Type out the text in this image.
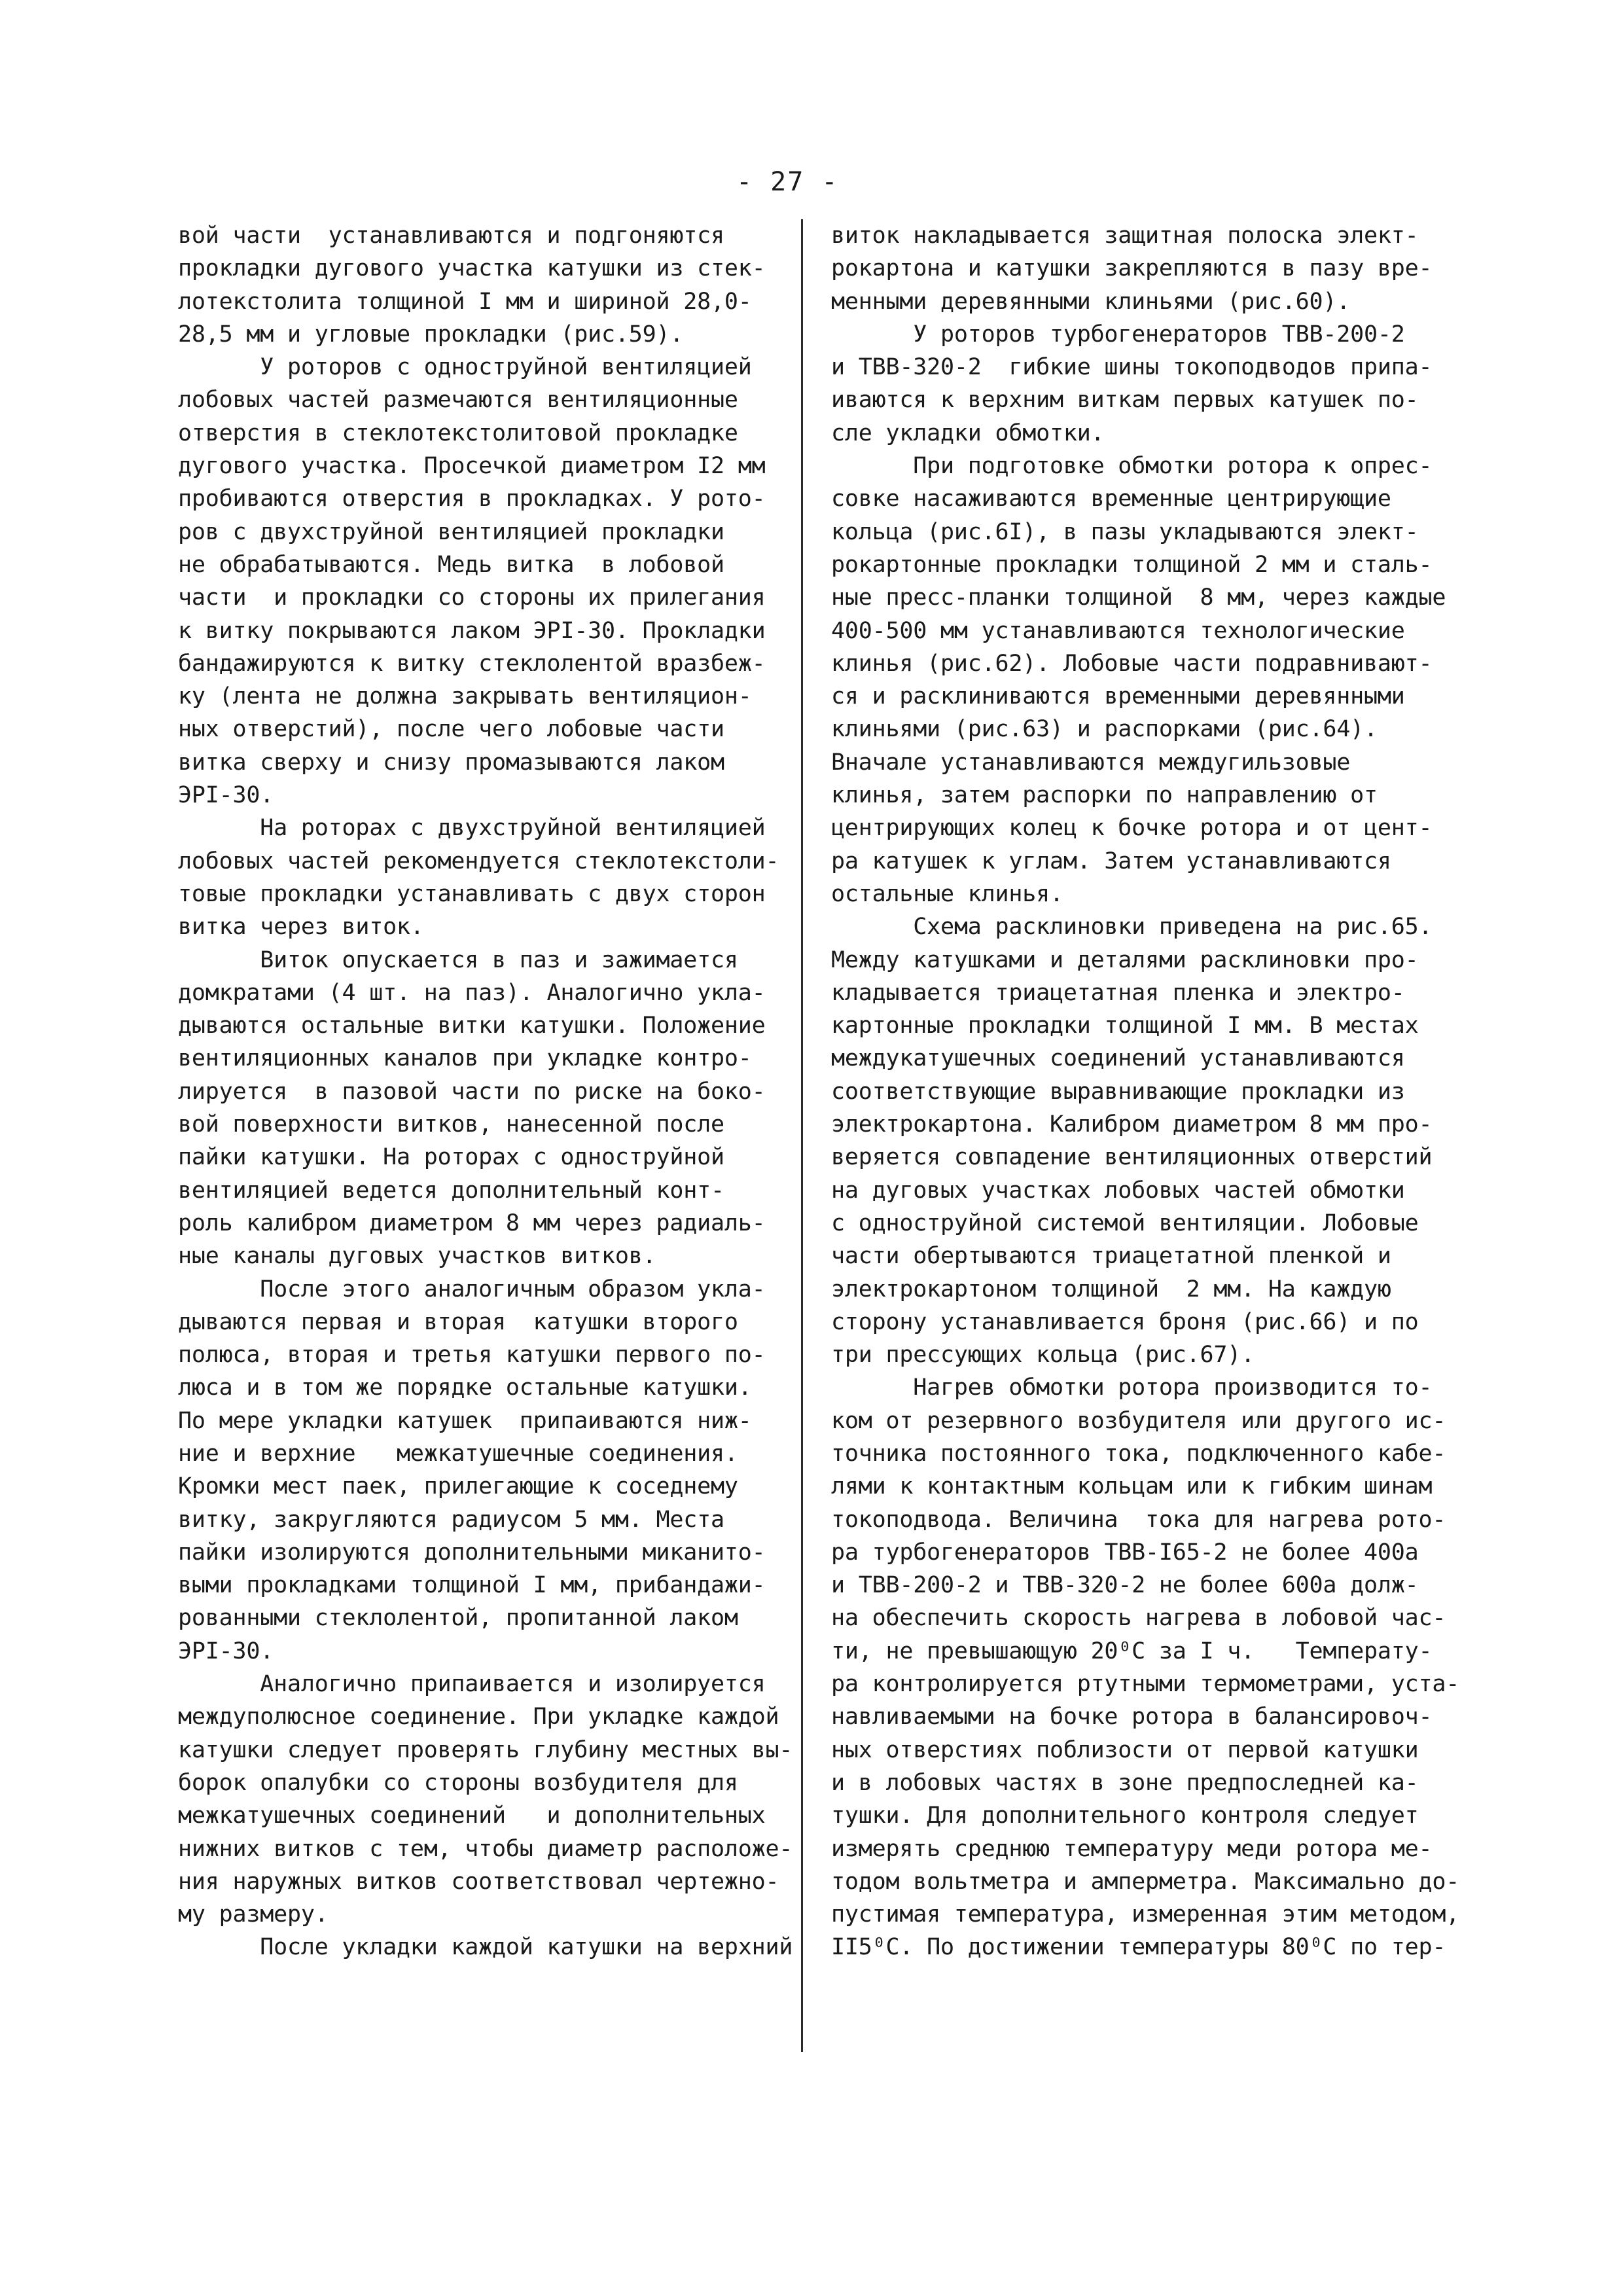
- 27 -
вой части  устанавливаются и подгоняются
прокладки дугового участка катушки из стек-
лотекстолита толщиной I мм и шириной 28,0-
28,5 мм и угловые прокладки (рис.59).
У роторов с одноструйной вентиляцией
лобовых частей размечаются вентиляционные
отверстия в стеклотекстолитовой прокладке
дугового участка. Просечкой диаметром I2 мм
пробиваются отверстия в прокладках. У рото-
ров с двухструйной вентиляцией прокладки
не обрабатываются. Медь витка  в лобовой
части  и прокладки со стороны их прилегания
к витку покрываются лаком ЭРI-30. Прокладки
бандажируются к витку стеклолентой вразбеж-
ку (лента не должна закрывать вентиляцион-
ных отверстий), после чего лобовые части
витка сверху и снизу промазываются лаком
ЭРI-30.
На роторах с двухструйной вентиляцией
лобовых частей рекомендуется стеклотекстоли-
товые прокладки устанавливать с двух сторон
витка через виток.
Виток опускается в паз и зажимается
домкратами (4 шт. на паз). Аналогично укла-
дываются остальные витки катушки. Положение
вентиляционных каналов при укладке контро-
лируется  в пазовой части по риске на боко-
вой поверхности витков, нанесенной после
пайки катушки. На роторах с одноструйной
вентиляцией ведется дополнительный конт-
роль калибром диаметром 8 мм через радиаль-
ные каналы дуговых участков витков.
После этого аналогичным образом укла-
дываются первая и вторая  катушки второго
полюса, вторая и третья катушки первого по-
люса и в том же порядке остальные катушки.
По мере укладки катушек  припаиваются ниж-
ние и верхние   межкатушечные соединения.
Кромки мест паек, прилегающие к соседнему
витку, закругляются радиусом 5 мм. Места
пайки изолируются дополнительными миканито-
выми прокладками толщиной I мм, прибандажи-
рованными стеклолентой, пропитанной лаком
ЭРI-30.
Аналогично припаивается и изолируется
междуполюсное соединение. При укладке каждой
катушки следует проверять глубину местных вы-
борок опалубки со стороны возбудителя для
межкатушечных соединений   и дополнительных
нижних витков с тем, чтобы диаметр расположе-
ния наружных витков соответствовал чертежно-
му размеру.
После укладки каждой катушки на верхний
виток накладывается защитная полоска элект-
рокартона и катушки закрепляются в пазу вре-
менными деревянными клиньями (рис.60).
У роторов турбогенераторов ТВВ-200-2
и ТВВ-320-2  гибкие шины токоподводов припа-
иваются к верхним виткам первых катушек по-
сле укладки обмотки.
При подготовке обмотки ротора к опрес-
совке насаживаются временные центрирующие
кольца (рис.6I), в пазы укладываются элект-
рокартонные прокладки толщиной 2 мм и сталь-
ные пресс-планки толщиной  8 мм, через каждые
400-500 мм устанавливаются технологические
клинья (рис.62). Лобовые части подравнивают-
ся и расклиниваются временными деревянными
клиньями (рис.63) и распорками (рис.64).
Вначале устанавливаются междугильзовые
клинья, затем распорки по направлению от
центрирующих колец к бочке ротора и от цент-
ра катушек к углам. Затем устанавливаются
остальные клинья.
Схема расклиновки приведена на рис.65.
Между катушками и деталями расклиновки про-
кладывается триацетатная пленка и электро-
картонные прокладки толщиной I мм. В местах
междукатушечных соединений устанавливаются
соответствующие выравнивающие прокладки из
электрокартона. Калибром диаметром 8 мм про-
веряется совпадение вентиляционных отверстий
на дуговых участках лобовых частей обмотки
с одноструйной системой вентиляции. Лобовые
части обертываются триацетатной пленкой и
электрокартоном толщиной  2 мм. На каждую
сторону устанавливается броня (рис.66) и по
три прессующих кольца (рис.67).
Нагрев обмотки ротора производится то-
ком от резервного возбудителя или другого ис-
точника постоянного тока, подключенного кабе-
лями к контактным кольцам или к гибким шинам
токоподвода. Величина  тока для нагрева рото-
ра турбогенераторов ТВВ-I65-2 не более 400а
и ТВВ-200-2 и ТВВ-320-2 не более 600а долж-
на обеспечить скорость нагрева в лобовой час-
ти, не превышающую 20⁰С за I ч.   Температу-
ра контролируется ртутными термометрами, уста-
навливаемыми на бочке ротора в балансировоч-
ных отверстиях поблизости от первой катушки
и в лобовых частях в зоне предпоследней ка-
тушки. Для дополнительного контроля следует
измерять среднюю температуру меди ротора ме-
тодом вольтметра и амперметра. Максимально до-
пустимая температура, измеренная этим методом,
II5⁰С. По достижении температуры 80⁰С по тер-
